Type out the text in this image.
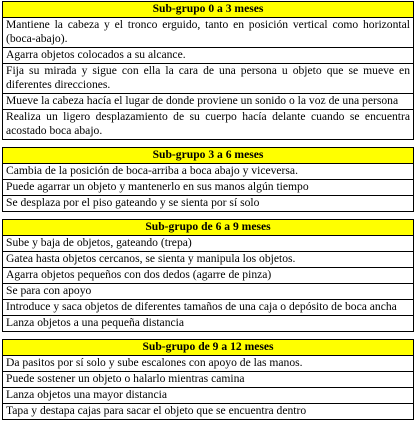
Sub-grupo 0 a 3 meses
Mantiene la cabeza y el tronco erguido, tanto en posición vertical como horizontal (boca-abajo).
Agarra objetos colocados a su alcance.
Fija su mirada y sigue con ella la cara de una persona u objeto que se mueve en diferentes direcciones.
Mueve la cabeza hacía el lugar de donde proviene un sonido o la voz de una persona
Realiza un ligero desplazamiento de su cuerpo hacía delante cuando se encuentra acostado boca abajo.
Sub-grupo 3 a 6 meses
Cambia de la posición de boca-arriba a boca abajo y viceversa.
Puede agarrar un objeto y mantenerlo en sus manos algún tiempo
Se desplaza por el piso gateando y se sienta por sí solo
Sub-grupo de 6 a 9 meses
Sube y baja de objetos, gateando (trepa)
Gatea hasta objetos cercanos, se sienta y manipula los objetos.
Agarra objetos pequeños con dos dedos (agarre de pinza)
Se para con apoyo
Introduce y saca objetos de diferentes tamaños de una caja o depósito de boca ancha
Lanza objetos a una pequeña distancia
Sub-grupo de 9 a 12 meses
Da pasitos por sí solo y sube escalones con apoyo de las manos.
Puede sostener un objeto o halarlo mientras camina
Lanza objetos una mayor distancia
Tapa y destapa cajas para sacar el objeto que se encuentra dentro
